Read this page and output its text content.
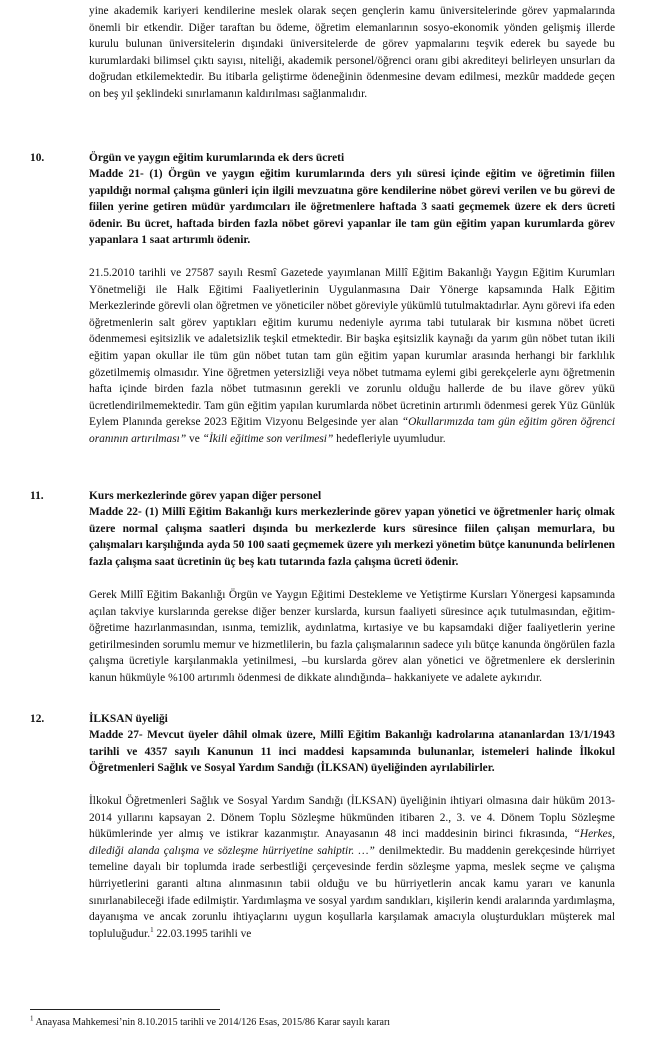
yine akademik kariyeri kendilerine meslek olarak seçen gençlerin kamu üniversitelerinde görev yapmalarında önemli bir etkendir. Diğer taraftan bu ödeme, öğretim elemanlarının sosyo-ekonomik yönden gelişmiş illerde kurulu bulunan üniversitelerin dışındaki üniversitelerde de görev yapmalarını teşvik ederek bu sayede bu kurumlardaki bilimsel çıktı sayısı, niteliği, akademik personel/öğrenci oranı gibi akrediteyi belirleyen unsurları da doğrudan etkilemektedir. Bu itibarla geliştirme ödeneğinin ödenmesine devam edilmesi, mezkûr maddede geçen on beş yıl şeklindeki sınırlamanın kaldırılması sağlanmalıdır.

10.	Örgün ve yaygın eğitim kurumlarında ek ders ücreti

Madde 21- (1) Örgün ve yaygın eğitim kurumlarında ders yılı süresi içinde eğitim ve öğretimin fiilen yapıldığı normal çalışma günleri için ilgili mevzuatına göre kendilerine nöbet görevi verilen ve bu görevi de fiilen yerine getiren müdür yardımcıları ile öğretmenlere haftada 3 saati geçmemek üzere ek ders ücreti ödenir. Bu ücret, haftada birden fazla nöbet görevi yapanlar ile tam gün eğitim yapan kurumlarda görev yapanlara 1 saat artırımlı ödenir.

21.5.2010 tarihli ve 27587 sayılı Resmî Gazetede yayımlanan Millî Eğitim Bakanlığı Yaygın Eğitim Kurumları Yönetmeliği ile Halk Eğitimi Faaliyetlerinin Uygulanmasına Dair Yönerge kapsamında Halk Eğitim Merkezlerinde görevli olan öğretmen ve yöneticiler nöbet göreviyle yükümlü tutulmaktadırlar. Aynı görevi ifa eden öğretmenlerin salt görev yaptıkları eğitim kurumu nedeniyle ayrıma tabi tutularak bir kısmına nöbet ücreti ödenmemesi eşitsizlik ve adaletsizlik teşkil etmektedir. Bir başka eşitsizlik kaynağı da yarım gün nöbet tutan ikili eğitim yapan okullar ile tüm gün nöbet tutan tam gün eğitim yapan kurumlar arasında herhangi bir farklılık gözetilmemiş olmasıdır. Yine öğretmen yetersizliği veya nöbet tutmama eylemi gibi gerekçelerle aynı öğretmenin hafta içinde birden fazla nöbet tutmasının gerekli ve zorunlu olduğu hallerde de bu ilave görev yükü ücretlendirilmemektedir. Tam gün eğitim yapılan kurumlarda nöbet ücretinin artırımlı ödenmesi gerek Yüz Günlük Eylem Planında gerekse 2023 Eğitim Vizyonu Belgesinde yer alan “Okullarımızda tam gün eğitim gören öğrenci oranının artırılması” ve “İkili eğitime son verilmesi” hedefleriyle uyumludur.

11.	Kurs merkezlerinde görev yapan diğer personel

Madde 22- (1) Millî Eğitim Bakanlığı kurs merkezlerinde görev yapan yönetici ve öğretmenler hariç olmak üzere normal çalışma saatleri dışında bu merkezlerde kurs süresince fiilen çalışan memurlara, bu çalışmaları karşılığında ayda 50 100 saati geçmemek üzere yılı merkezi yönetim bütçe kanununda belirlenen fazla çalışma saat ücretinin üç beş katı tutarında fazla çalışma ücreti ödenir.

Gerek Millî Eğitim Bakanlığı Örgün ve Yaygın Eğitimi Destekleme ve Yetiştirme Kursları Yönergesi kapsamında açılan takviye kurslarında gerekse diğer benzer kurslarda, kursun faaliyeti süresince açık tutulmasından, eğitim-öğretime hazırlanmasından, ısınma, temizlik, aydınlatma, kırtasiye ve bu kapsamdaki diğer faaliyetlerin yerine getirilmesinden sorumlu memur ve hizmetlilerin, bu fazla çalışmalarının sadece yılı bütçe kanunda öngörülen fazla çalışma ücretiyle karşılanmakla yetinilmesi, –bu kurslarda görev alan yönetici ve öğretmenlere ek derslerinin kanun hükmüyle %100 artırımlı ödenmesi de dikkate alındığında– hakkaniyete ve adalete aykırıdır.

12.	İLKSAN üyeliği

Madde 27- Mevcut üyeler dâhil olmak üzere, Millî Eğitim Bakanlığı kadrolarına atananlardan 13/1/1943 tarihli ve 4357 sayılı Kanunun 11 inci maddesi kapsamında bulunanlar, istemeleri halinde İlkokul Öğretmenleri Sağlık ve Sosyal Yardım Sandığı (İLKSAN) üyeliğinden ayrılabilirler.

İlkokul Öğretmenleri Sağlık ve Sosyal Yardım Sandığı (İLKSAN) üyeliğinin ihtiyari olmasına dair hüküm 2013-2014 yıllarını kapsayan 2. Dönem Toplu Sözleşme hükmünden itibaren 2., 3. ve 4. Dönem Toplu Sözleşme hükümlerinde yer almış ve istikrar kazanmıştır. Anayasanın 48 inci maddesinin birinci fıkrasında, “Herkes, dilediği alanda çalışma ve sözleşme hürriyetine sahiptir. …” denilmektedir. Bu maddenin gerekçesinde hürriyet temeline dayalı bir toplumda irade serbestliği çerçevesinde ferdin sözleşme yapma, meslek seçme ve çalışma hürriyetlerini garanti altına alınmasının tabii olduğu ve bu hürriyetlerin ancak kamu yararı ve kanunla sınırlanabileceği ifade edilmiştir. Yardımlaşma ve sosyal yardım sandıkları, kişilerin kendi aralarında yardımlaşma, dayanışma ve ancak zorunlu ihtiyaçlarını uygun koşullarla karşılamak amacıyla oluşturdukları müşterek mal topluluğudur.$^1$ 22.03.1995 tarihli ve

$^1$ Anayasa Mahkemesi’nin 8.10.2015 tarihli ve 2014/126 Esas, 2015/86 Karar sayılı kararı
